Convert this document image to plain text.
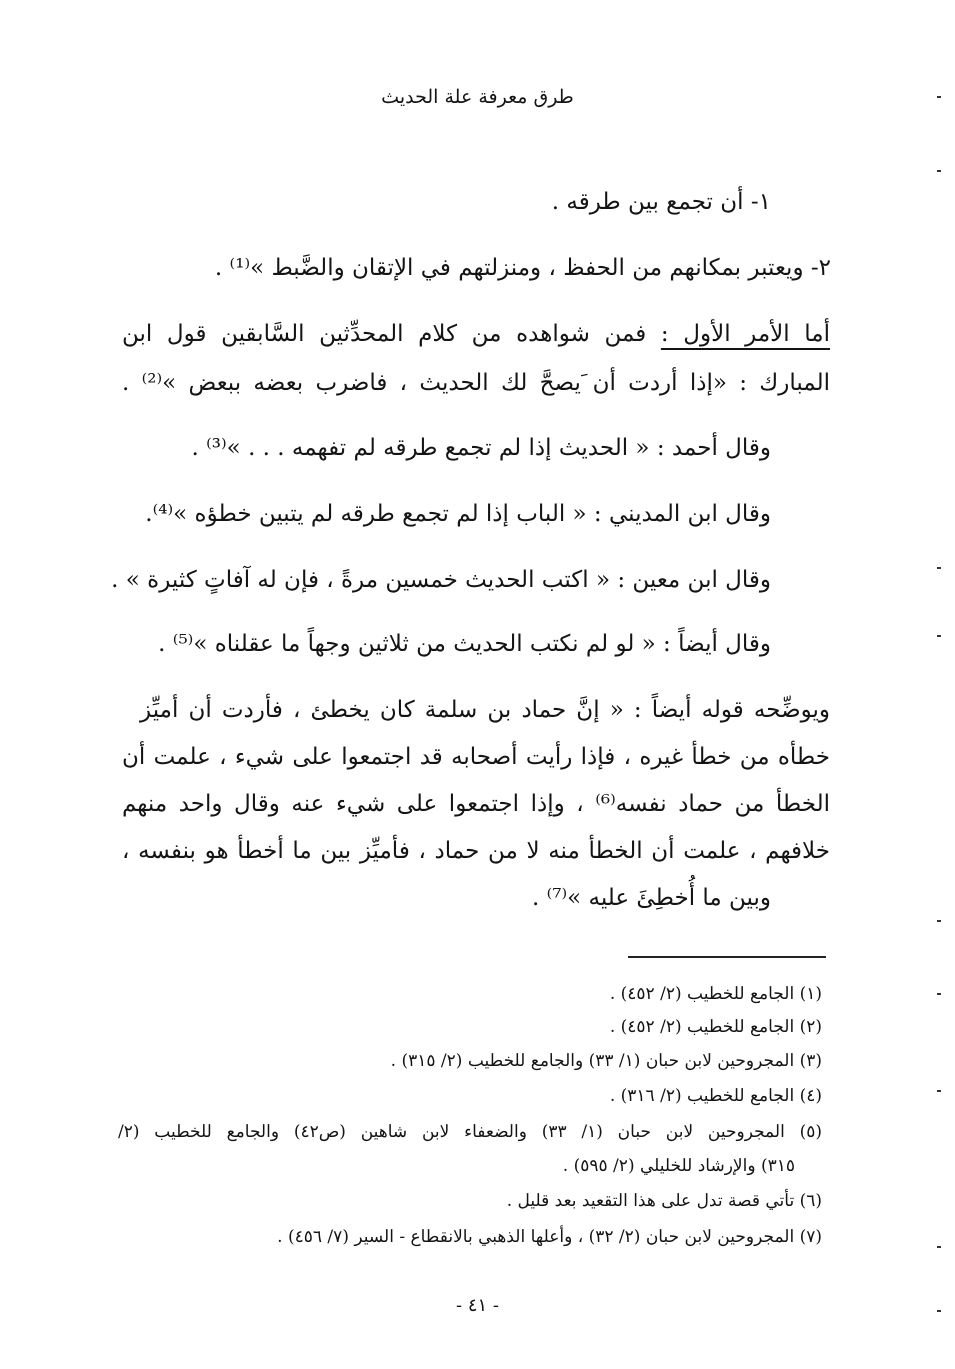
طرق معرفة علة الحديث
١- أن تجمع بين طرقه .
٢- ويعتبر بمكانهم من الحفظ ، ومنزلتهم في الإتقان والضَّبط »⁽¹⁾ .
أما الأمر الأول : فمن شواهده من كلام المحدِّثين السَّابقين قول ابن
المبارك : «إذا أردت أن َيصحَّ لك الحديث ، فاضرب بعضه ببعض »⁽²⁾ .
وقال أحمد : « الحديث إذا لم تجمع طرقه لم تفهمه . . . »⁽³⁾ .
وقال ابن المديني : « الباب إذا لم تجمع طرقه لم يتبين خطؤه »⁽⁴⁾.
وقال ابن معين : « اكتب الحديث خمسين مرةً ، فإن له آفاتٍ كثيرة » .
وقال أيضاً : « لو لم نكتب الحديث من ثلاثين وجهاً ما عقلناه »⁽⁵⁾ .
ويوضِّحه قوله أيضاً : « إنَّ حماد بن سلمة كان يخطئ ، فأردت أن أميِّز
خطأه من خطأ غيره ، فإذا رأيت أصحابه قد اجتمعوا على شيء ، علمت أن
الخطأ من حماد نفسه⁽⁶⁾ ، وإذا اجتمعوا على شيء عنه وقال واحد منهم
خلافهم ، علمت أن الخطأ منه لا من حماد ، فأميِّز بين ما أخطأ هو بنفسه ،
وبين ما أُخطِئَ عليه »⁽⁷⁾ .
(١) الجامع للخطيب (٢/ ٤٥٢) .
(٢) الجامع للخطيب (٢/ ٤٥٢) .
(٣) المجروحين لابن حبان (١/ ٣٣) والجامع للخطيب (٢/ ٣١٥) .
(٤) الجامع للخطيب (٢/ ٣١٦) .
(٥) المجروحين لابن حبان (١/ ٣٣) والضعفاء لابن شاهين (ص٤٢) والجامع للخطيب (٢/
٣١٥) والإرشاد للخليلي (٢/ ٥٩٥) .
(٦) تأتي قصة تدل على هذا التقعيد بعد قليل .
(٧) المجروحين لابن حبان (٢/ ٣٢) ، وأعلها الذهبي بالانقطاع - السير (٧/ ٤٥٦) .
- ٤١ -
